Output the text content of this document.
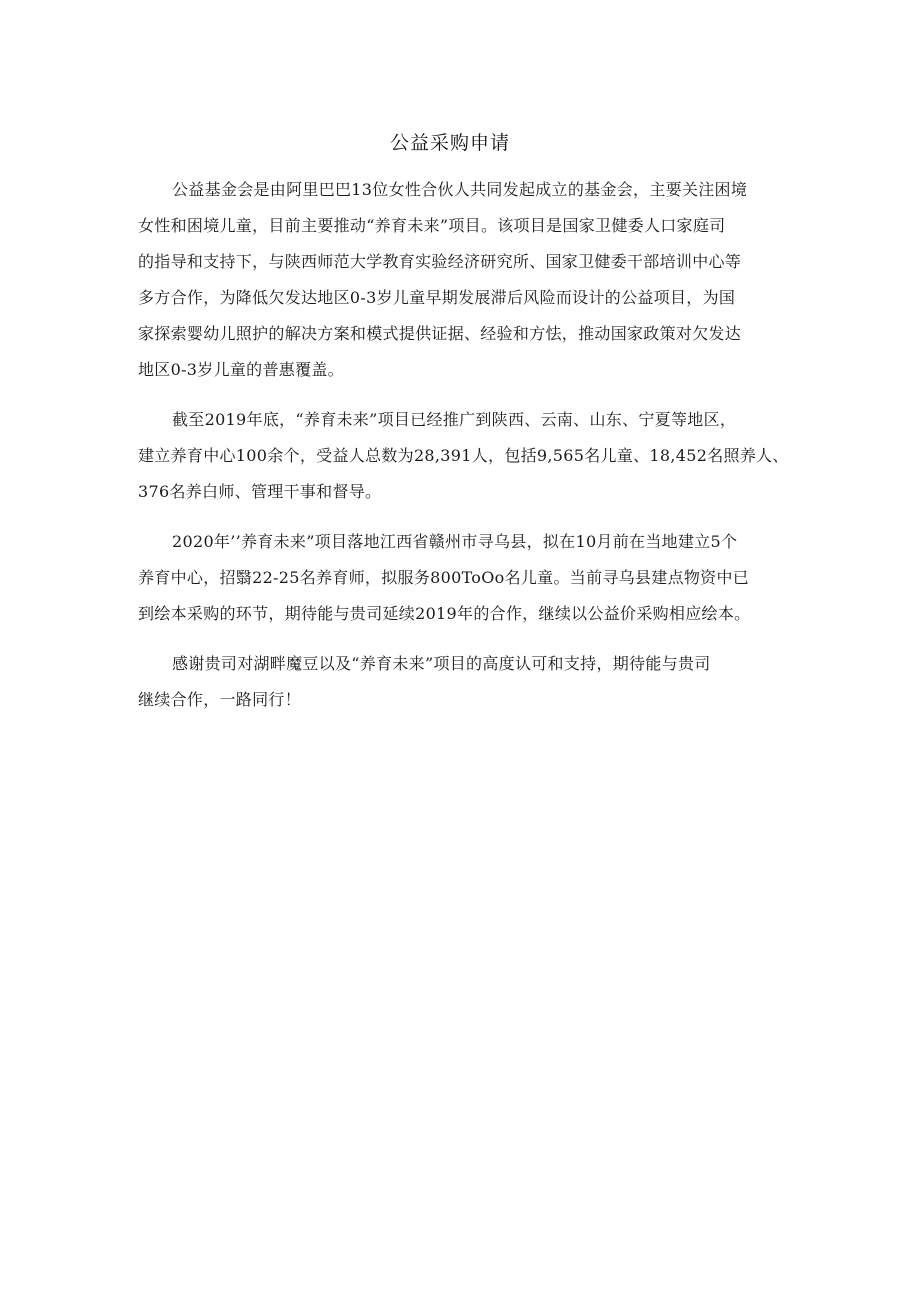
公益采购申请
公益基金会是由阿里巴巴13位女性合伙人共同发起成立的基金会，主要关注困境
女性和困境儿童，目前主要推动“养育未来”项目。该项目是国家卫健委人口家庭司
的指导和支持下，与陕西师范大学教育实验经济研究所、国家卫健委干部培训中心等
多方合作，为降低欠发达地区0-3岁儿童早期发展滞后风险而设计的公益项目，为国
家探索婴幼儿照护的解决方案和模式提供证据、经验和方怯，推动国家政策对欠发达
地区0-3岁儿童的普惠覆盖。
截至2019年底，“养育未来”项目已经推广到陕西、云南、山东、宁夏等地区，
建立养育中心100余个，受益人总数为28,391人，包括9,565名儿童、18,452名照养人、
376名养白师、管理干事和督导。
2020年’’养育未来”项目落地江西省赣州市寻乌县，拟在10月前在当地建立5个
养育中心，招翳22-25名养育师，拟服务800ToOo名儿童。当前寻乌县建点物资中已
到绘本采购的环节，期待能与贵司延续2019年的合作，继续以公益价采购相应绘本。
感谢贵司对湖畔魔豆以及“养育未来”项目的高度认可和支持，期待能与贵司
继续合作，一路同行！
